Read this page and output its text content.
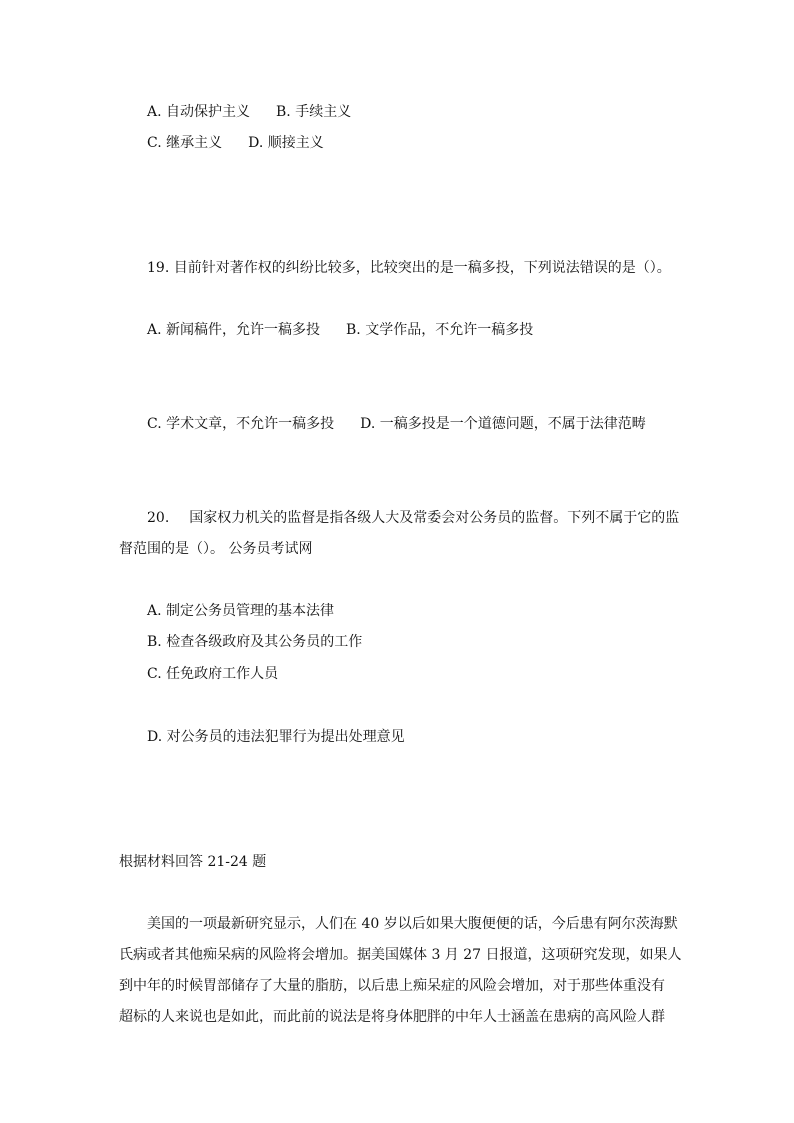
A. 自动保护主义 B. 手续主义
C. 继承主义 D. 顺接主义
19. 目前针对著作权的纠纷比较多，比较突出的是一稿多投，下列说法错误的是（）。
A. 新闻稿件，允许一稿多投 B. 文学作品，不允许一稿多投
C. 学术文章，不允许一稿多投 D. 一稿多投是一个道德问题，不属于法律范畴
20. 国家权力机关的监督是指各级人大及常委会对公务员的监督。下列不属于它的监
督范围的是（）。 公务员考试网
A. 制定公务员管理的基本法律
B. 检查各级政府及其公务员的工作
C. 任免政府工作人员
D. 对公务员的违法犯罪行为提出处理意见
根据材料回答 21-24 题
美国的一项最新研究显示，人们在 40 岁以后如果大腹便便的话，今后患有阿尔茨海默
氏病或者其他痴呆病的风险将会增加。据美国媒体 3 月 27 日报道，这项研究发现，如果人
到中年的时候胃部储存了大量的脂肪，以后患上痴呆症的风险会增加，对于那些体重没有
超标的人来说也是如此，而此前的说法是将身体肥胖的中年人士涵盖在患病的高风险人群
